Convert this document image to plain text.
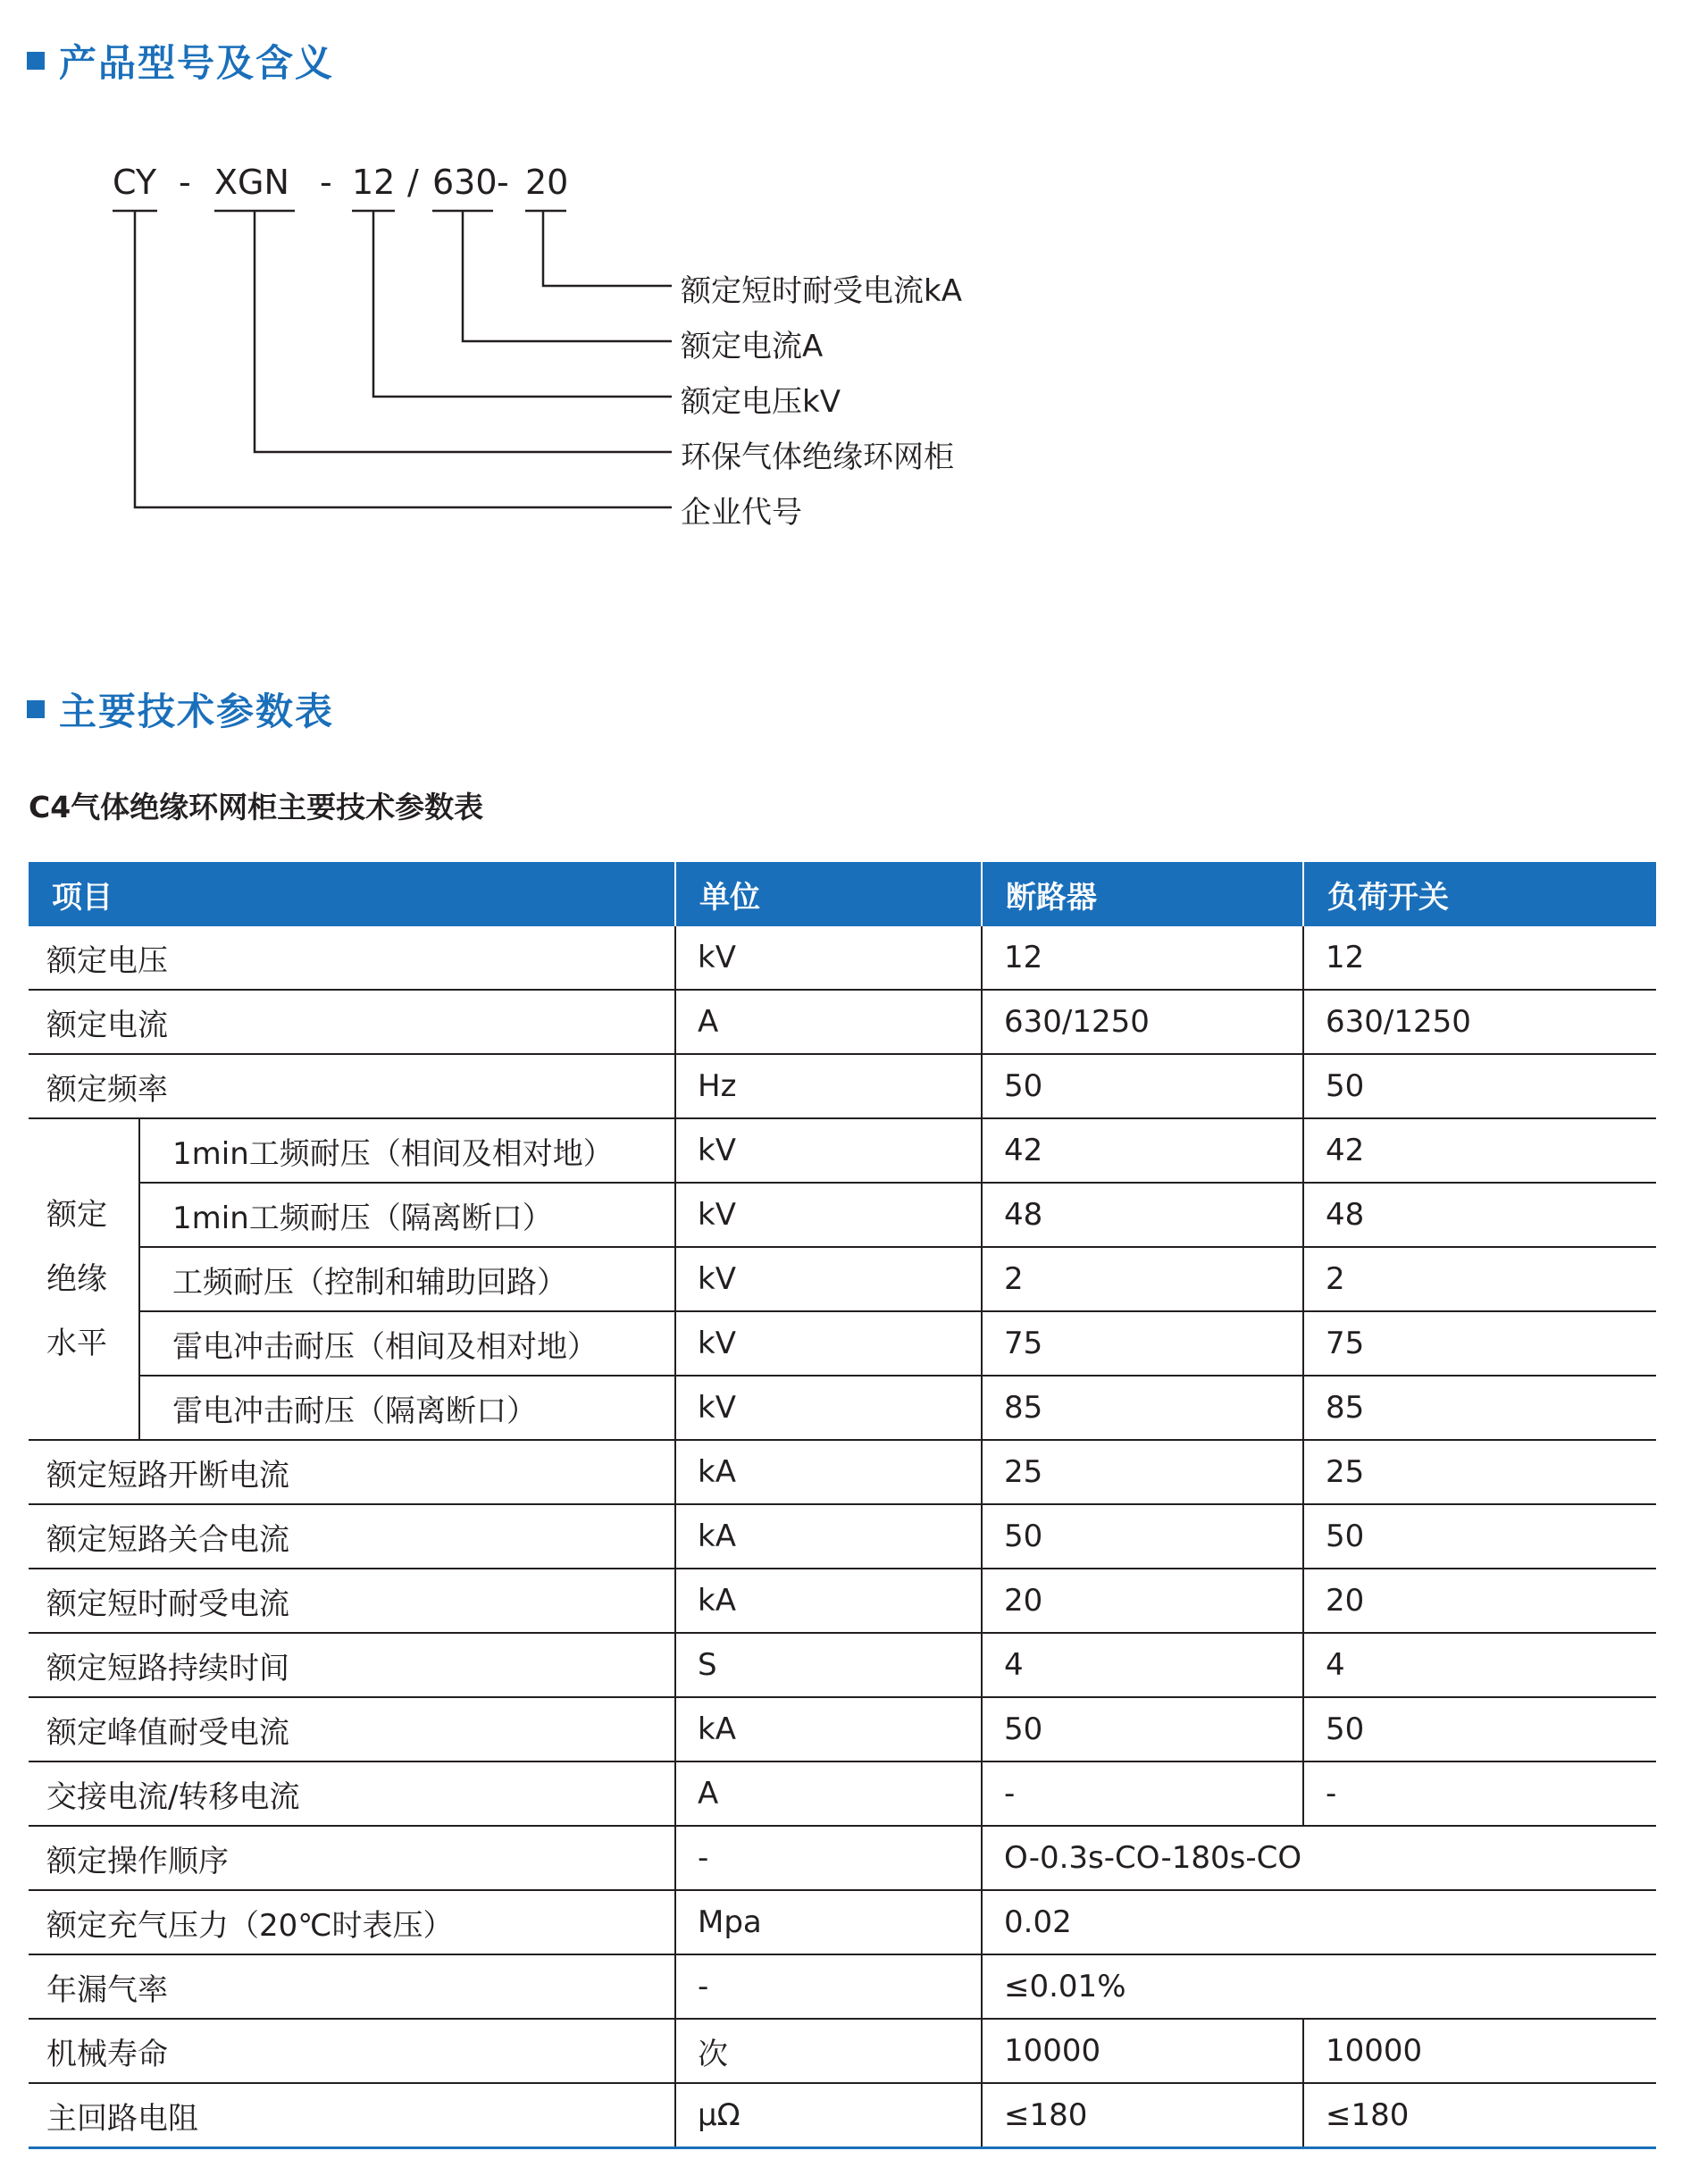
产品型号及含义
CY - XGN - 12 / 630 - 20
额定短时耐受电流kA
额定电流A
额定电压kV
环保气体绝缘环网柜
企业代号
主要技术参数表
C4气体绝缘环网柜主要技术参数表
项目		单位	断路器	负荷开关
额定电压		kV	12	12
额定电流		A	630/1250	630/1250
额定频率		Hz	50	50
额定
绝缘
水平	1min工频耐压（相间及相对地）	kV	42	42
	1min工频耐压（隔离断口）	kV	48	48
	工频耐压（控制和辅助回路）	kV	2	2
	雷电冲击耐压（相间及相对地）	kV	75	75
	雷电冲击耐压（隔离断口）	kV	85	85
额定短路开断电流		kA	25	25
额定短路关合电流		kA	50	50
额定短时耐受电流		kA	20	20
额定短路持续时间		S	4	4
额定峰值耐受电流		kA	50	50
交接电流/转移电流		A	-	-
额定操作顺序		-	O-0.3s-CO-180s-CO	
额定充气压力（20℃时表压）		Mpa	0.02	
年漏气率		-	≤0.01%	
机械寿命		次	10000	10000
主回路电阻		μΩ	≤180	≤180
